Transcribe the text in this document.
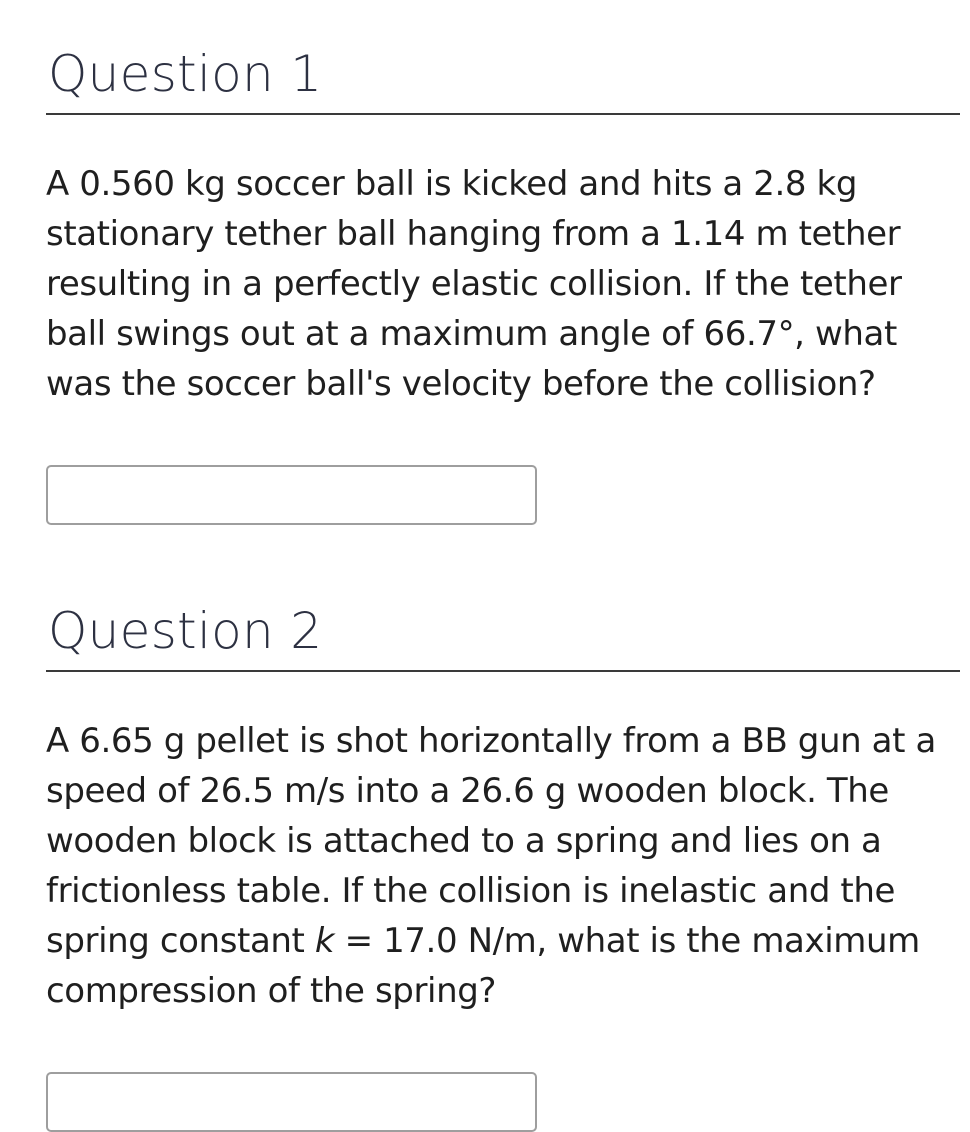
Question 1

A 0.560 kg soccer ball is kicked and hits a 2.8 kg stationary tether ball hanging from a 1.14 m tether resulting in a perfectly elastic collision. If the tether ball swings out at a maximum angle of 66.7°, what was the soccer ball's velocity before the collision?

Question 2

A 6.65 g pellet is shot horizontally from a BB gun at a speed of 26.5 m/s into a 26.6 g wooden block. The wooden block is attached to a spring and lies on a frictionless table. If the collision is inelastic and the spring constant k = 17.0 N/m, what is the maximum compression of the spring?
